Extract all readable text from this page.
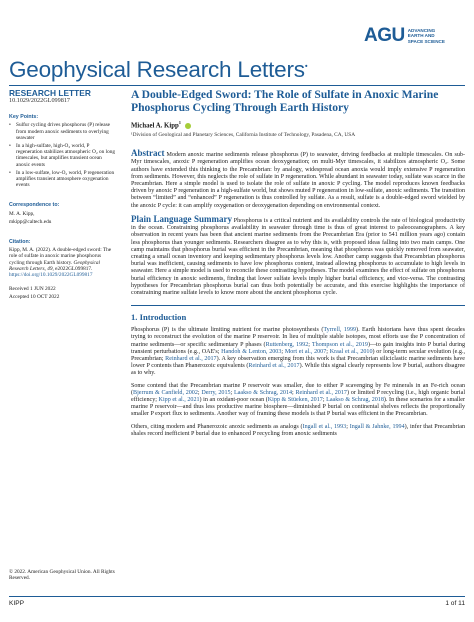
AGU ADVANCING
EARTH AND
SPACE SCIENCE
Geophysical Research Letters•
RESEARCH LETTER
10.1029/2022GL099817
Key Points:
• Sulfur cycling drives phosphorus (P) release from modern anoxic sediments to overlying seawater
• In a high-sulfate, high-O₂ world, P regeneration stabilizes atmospheric O₂ on long timescales, but amplifies transient ocean anoxic events
• In a low-sulfate, low-O₂ world, P regeneration amplifies transient atmosphere oxygenation events
Correspondence to:
M. A. Kipp,
mkipp@caltech.edu
Citation:
Kipp, M. A. (2022). A double-edged sword: The role of sulfate in anoxic marine phosphorus cycling through Earth history. Geophysical Research Letters, 49, e2022GL099817. https://doi.org/10.1029/2022GL099817
Received 1 JUN 2022
Accepted 10 OCT 2022
© 2022. American Geophysical Union. All Rights Reserved.
A Double-Edged Sword: The Role of Sulfate in Anoxic Marine Phosphorus Cycling Through Earth History
Michael A. Kipp$^1$
¹Division of Geological and Planetary Sciences, California Institute of Technology, Pasadena, CA, USA
Abstract Modern anoxic marine sediments release phosphorus (P) to seawater, driving feedbacks at multiple timescales. On sub-Myr timescales, anoxic P regeneration amplifies ocean deoxygenation; on multi-Myr timescales, it stabilizes atmospheric O₂. Some authors have extended this thinking to the Precambrian: by analogy, widespread ocean anoxia would imply extensive P regeneration from sediments. However, this neglects the role of sulfate in P regeneration. While abundant in seawater today, sulfate was scarce in the Precambrian. Here a simple model is used to isolate the role of sulfate in anoxic P cycling. The model reproduces known feedbacks driven by anoxic P regeneration in a high-sulfate world, but shows muted P regeneration in low-sulfate, anoxic sediments. The transition between “limited” and “enhanced” P regeneration is thus controlled by sulfate. As a result, sulfate is a double-edged sword wielded by the anoxic P cycle: it can amplify oxygenation or deoxygenation depending on environmental context.
Plain Language Summary Phosphorus is a critical nutrient and its availability controls the rate of biological productivity in the ocean. Constraining phosphorus availability in seawater through time is thus of great interest to paleoceanographers. A key observation in recent years has been that ancient marine sediments from the Precambrian Era (prior to 541 million years ago) contain less phosphorus than younger sediments. Researchers disagree as to why this is, with proposed ideas falling into two main camps. One camp maintains that phosphorus burial was efficient in the Precambrian, meaning that phosphorus was quickly removed from seawater, creating a small ocean inventory and keeping sedimentary phosphorus levels low. Another camp suggests that Precambrian phosphorus burial was inefficient, causing sediments to have low phosphorus content, instead allowing phosphorus to accumulate to high levels in seawater. Here a simple model is used to reconcile these contrasting hypotheses. The model examines the effect of sulfate on phosphorus burial efficiency in anoxic sediments, finding that lower sulfate levels imply higher burial efficiency, and vice-versa. The contrasting hypotheses for Precambrian phosphorus burial can thus both potentially be accurate, and this exercise highlights the importance of constraining marine sulfate levels to know more about the ancient phosphorus cycle.
1. Introduction
Phosphorus (P) is the ultimate limiting nutrient for marine photosynthesis (Tyrrell, 1999). Earth historians have thus spent decades trying to reconstruct the evolution of the marine P reservoir. In lieu of multiple stable isotopes, most efforts use the P concentration of marine sediments—or specific sedimentary P phases (Ruttenberg, 1992; Thompson et al., 2019)—to gain insights into P burial during transient perturbations (e.g., OAE's; Handoh & Lenton, 2003; Mort et al., 2007; Kraal et al., 2010) or long-term secular evolution (e.g., Precambrian; Reinhard et al., 2017). A key observation emerging from this work is that Precambrian siliciclastic marine sediments have lower P contents than Phanerozoic equivalents (Reinhard et al., 2017). While this signal clearly represents low P burial, authors disagree as to why.
Some contend that the Precambrian marine P reservoir was smaller, due to either P scavenging by Fe minerals in an Fe-rich ocean (Bjerrum & Canfield, 2002; Derry, 2015; Laakso & Schrag, 2014; Reinhard et al., 2017) or limited P recycling (i.e., high organic burial efficiency; Kipp et al., 2021) in an oxidant-poor ocean (Kipp & Stüeken, 2017; Laakso & Schrag, 2018). In these scenarios for a smaller marine P reservoir—and thus less productive marine biosphere—diminished P burial on continental shelves reflects the proportionally smaller P export flux to sediments. Another way of framing these models is that P burial was efficient in the Precambrian.
Others, citing modern and Phanerozoic anoxic sediments as analogs (Ingall et al., 1993; Ingall & Jahnke, 1994), infer that Precambrian shales record inefficient P burial due to enhanced P recycling from anoxic sediments
KIPP	1 of 11
